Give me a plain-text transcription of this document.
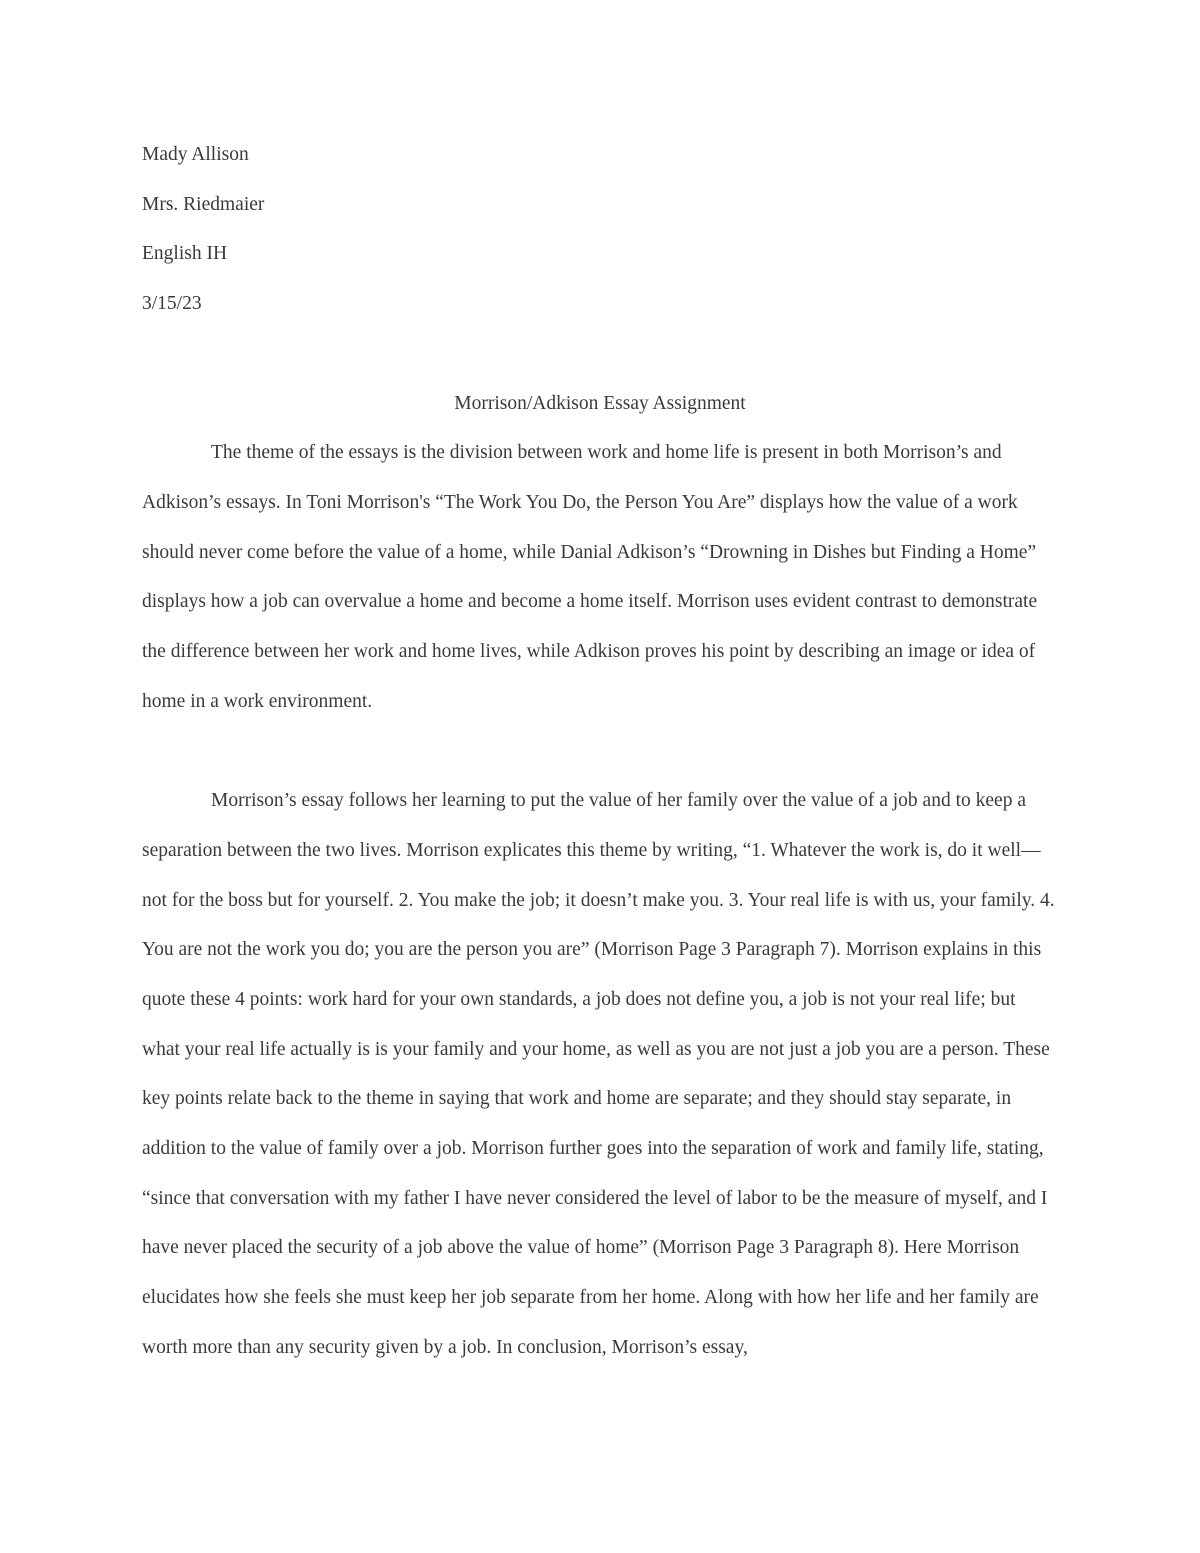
Mady Allison

Mrs. Riedmaier

English IH

3/15/23

Morrison/Adkison Essay Assignment

The theme of the essays is the division between work and home life is present in both Morrison’s and Adkison’s essays. In Toni Morrison's “The Work You Do, the Person You Are” displays how the value of a work should never come before the value of a home, while Danial Adkison’s “Drowning in Dishes but Finding a Home” displays how a job can overvalue a home and become a home itself. Morrison uses evident contrast to demonstrate the difference between her work and home lives, while Adkison proves his point by describing an image or idea of home in a work environment.

Morrison’s essay follows her learning to put the value of her family over the value of a job and to keep a separation between the two lives. Morrison explicates this theme by writing, “1. Whatever the work is, do it well—not for the boss but for yourself. 2. You make the job; it doesn’t make you. 3. Your real life is with us, your family. 4. You are not the work you do; you are the person you are” (Morrison Page 3 Paragraph 7). Morrison explains in this quote these 4 points: work hard for your own standards, a job does not define you, a job is not your real life; but what your real life actually is is your family and your home, as well as you are not just a job you are a person. These key points relate back to the theme in saying that work and home are separate; and they should stay separate, in addition to the value of family over a job. Morrison further goes into the separation of work and family life, stating, “since that conversation with my father I have never considered the level of labor to be the measure of myself, and I have never placed the security of a job above the value of home” (Morrison Page 3 Paragraph 8). Here Morrison elucidates how she feels she must keep her job separate from her home. Along with how her life and her family are worth more than any security given by a job. In conclusion, Morrison’s essay,
